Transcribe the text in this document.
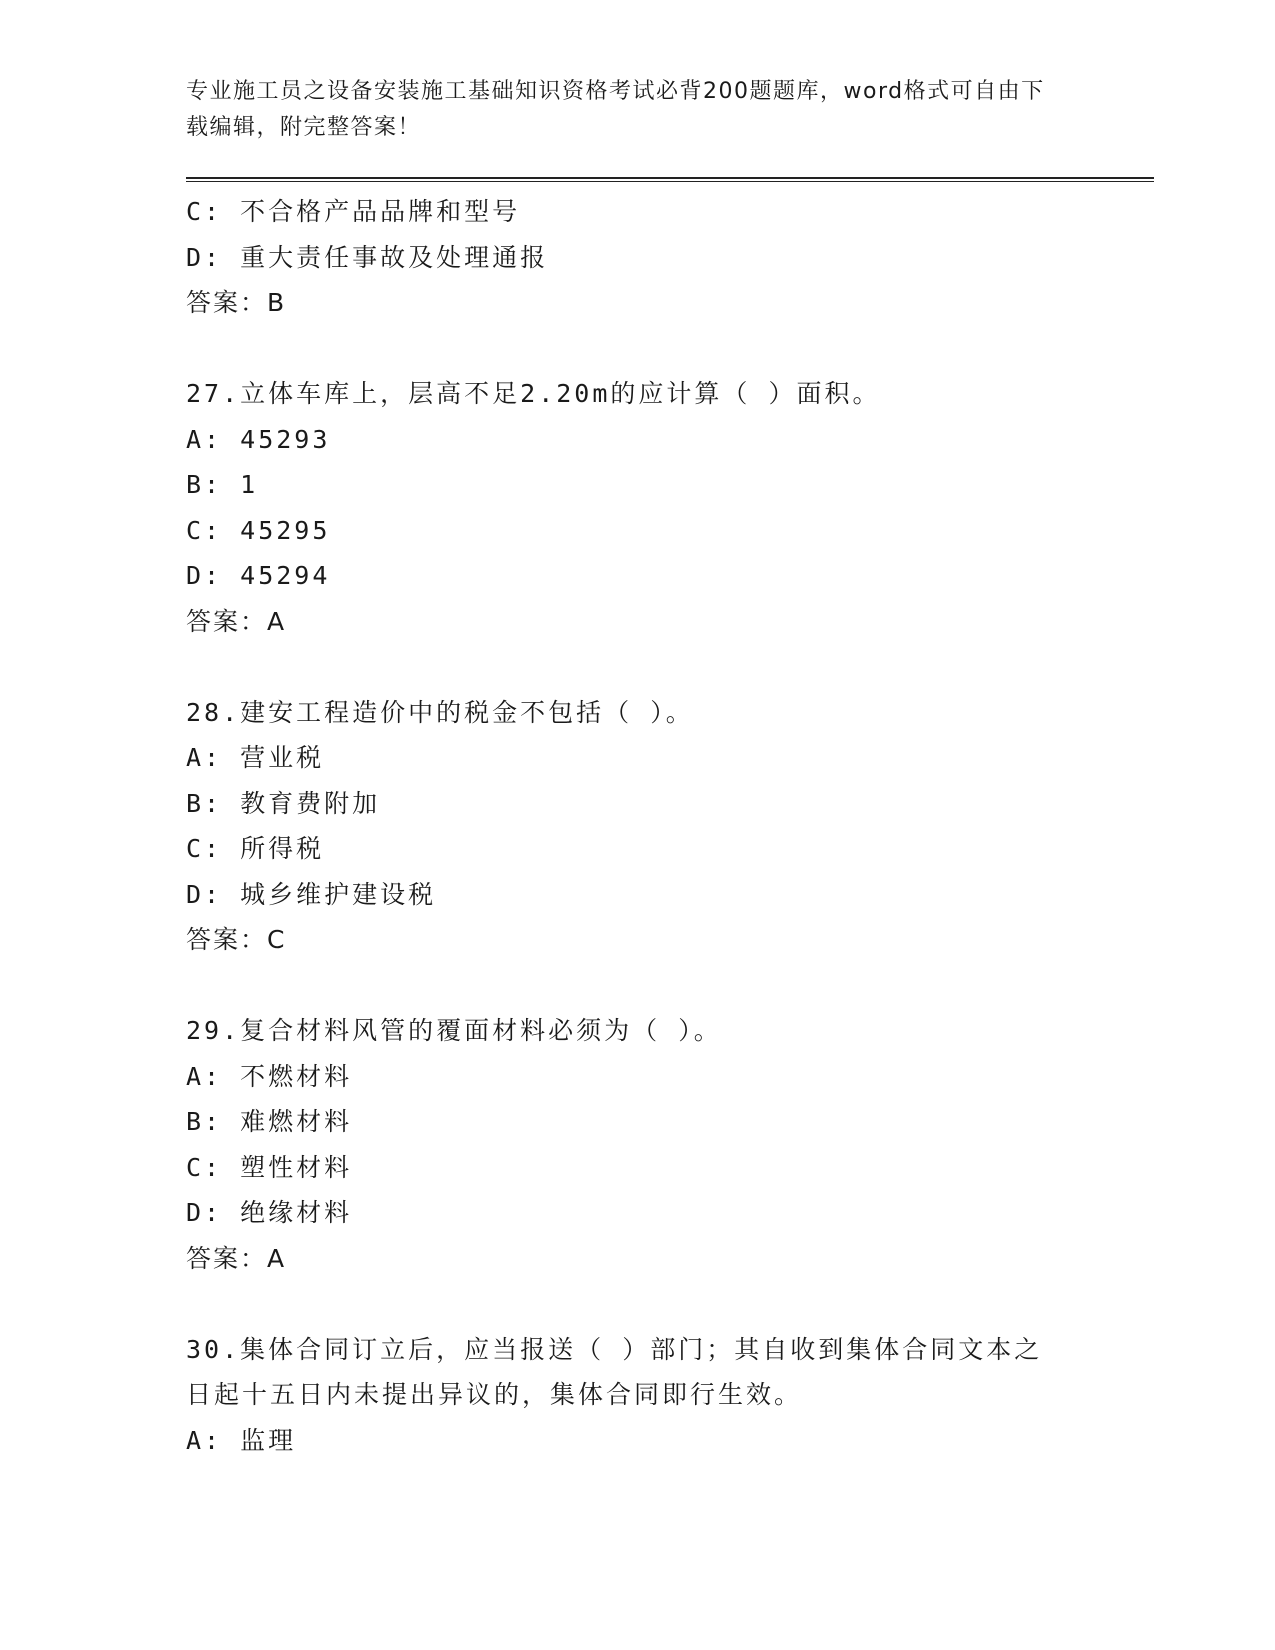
专业施工员之设备安装施工基础知识资格考试必背200题题库，word格式可自由下载编辑，附完整答案！
C: 不合格产品品牌和型号
D: 重大责任事故及处理通报
答案：B
27.立体车库上，层高不足2.20m的应计算（ ）面积。
A: 45293
B: 1
C: 45295
D: 45294
答案：A
28.建安工程造价中的税金不包括（ ）。
A: 营业税
B: 教育费附加
C: 所得税
D: 城乡维护建设税
答案：C
29.复合材料风管的覆面材料必须为（ ）。
A: 不燃材料
B: 难燃材料
C: 塑性材料
D: 绝缘材料
答案：A
30.集体合同订立后，应当报送（ ）部门；其自收到集体合同文本之
日起十五日内未提出异议的，集体合同即行生效。
A: 监理
